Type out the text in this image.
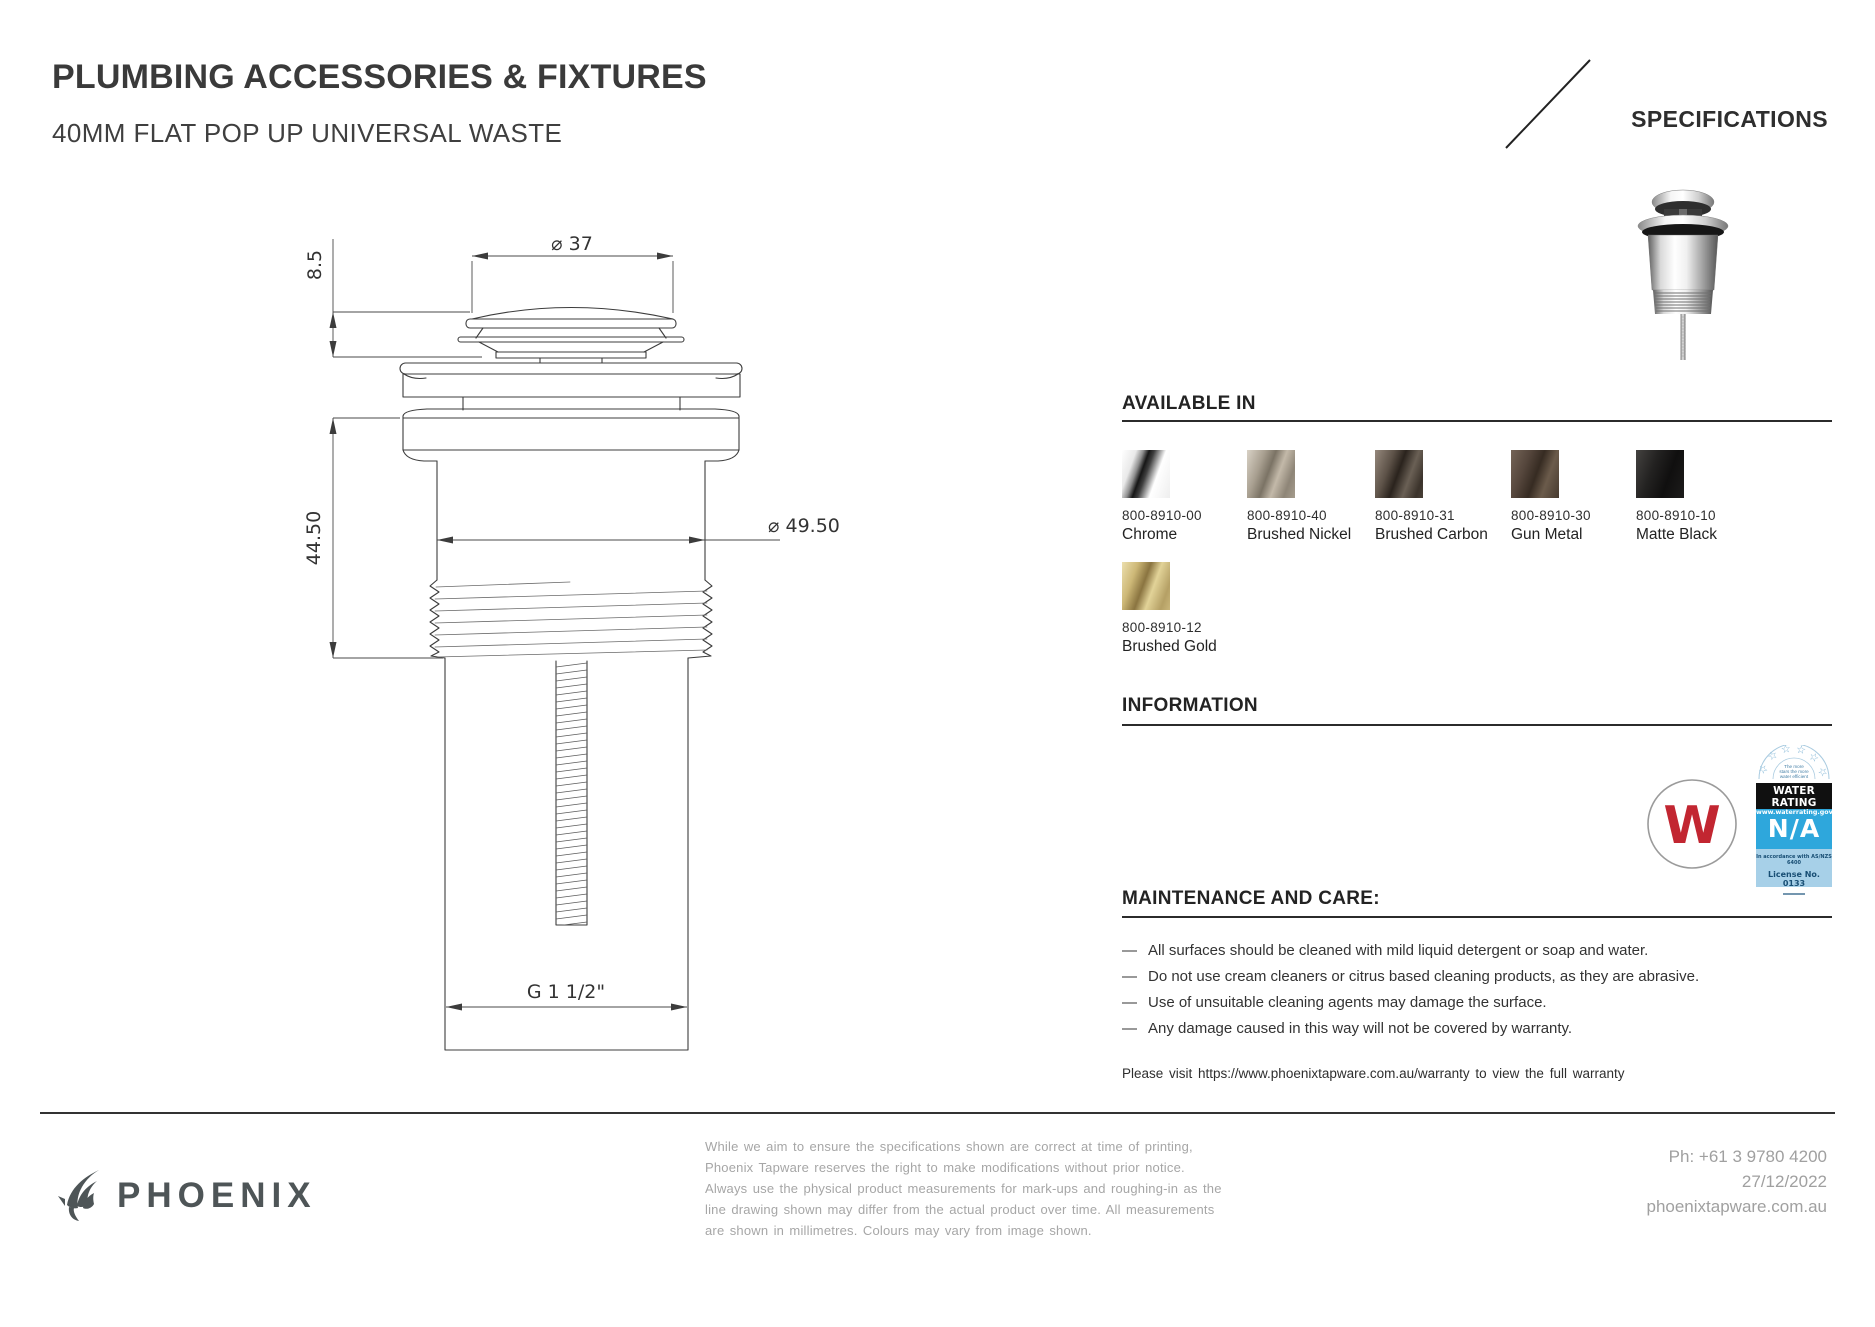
PLUMBING ACCESSORIES & FIXTURES
40MM FLAT POP UP UNIVERSAL WASTE	SPECIFICATIONS
⌀ 37
8.5
44.50	⌀ 49.50
G 1 1/2"
AVAILABLE IN
800-8910-00
Chrome
800-8910-40
Brushed Nickel
800-8910-31
Brushed Carbon
800-8910-30
Gun Metal
800-8910-10
Matte Black
800-8910-12
Brushed Gold
INFORMATION
W
☆
☆ ☆ ☆ ☆
☆
The more
stars the more
water efficient
WATER RATING
www.waterrating.gov.au
N/A
In accordance with AS/NZS 6400
License No. 0133
MAINTENANCE AND CARE:
— All surfaces should be cleaned with mild liquid detergent or soap and water.
— Do not use cream cleaners or citrus based cleaning products, as they are abrasive.
— Use of unsuitable cleaning agents may damage the surface.
— Any damage caused in this way will not be covered by warranty.
Please visit https://www.phoenixtapware.com.au/warranty to view the full warranty
PHOENIX
While we aim to ensure the specifications shown are correct at time of printing,
Phoenix Tapware reserves the right to make modifications without prior notice.
Always use the physical product measurements for mark-ups and roughing-in as the
line drawing shown may differ from the actual product over time. All measurements
are shown in millimetres. Colours may vary from image shown.
Ph: +61 3 9780 4200
27/12/2022
phoenixtapware.com.au
